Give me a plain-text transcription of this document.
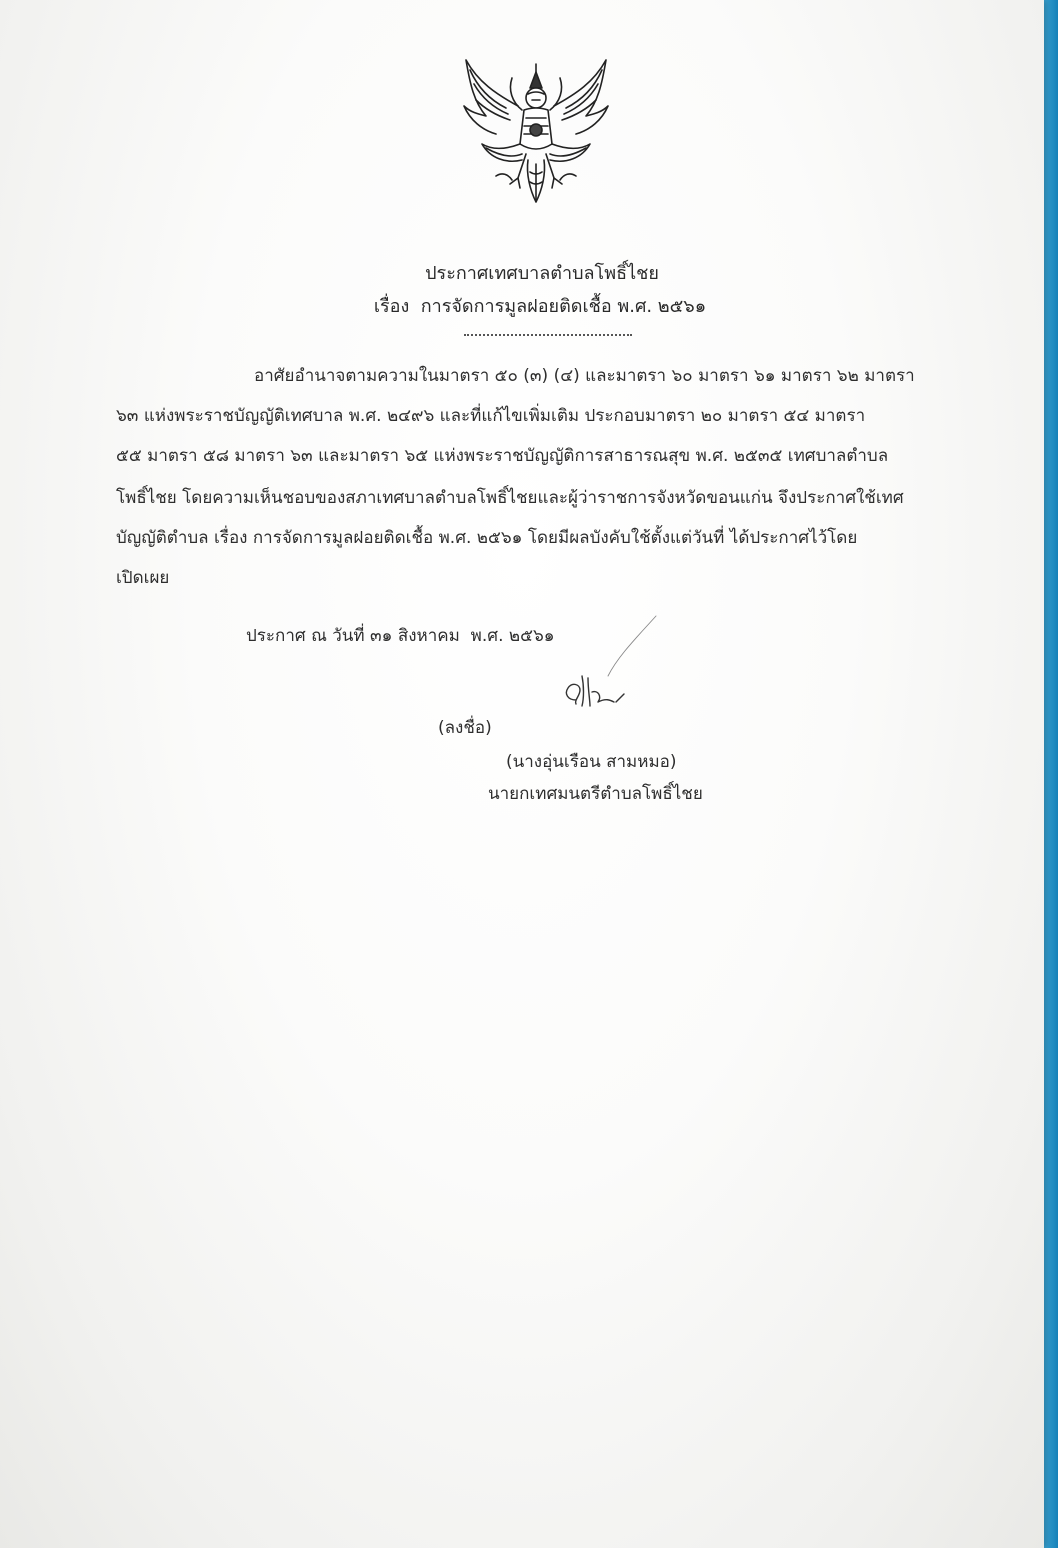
ประกาศเทศบาลตำบลโพธิ์ไชย
เรื่อง  การจัดการมูลฝอยติดเชื้อ พ.ศ. ๒๕๖๑
อาศัยอำนาจตามความในมาตรา ๕๐ (๓) (๔) และมาตรา ๖๐ มาตรา ๖๑ มาตรา ๖๒ มาตรา
๖๓ แห่งพระราชบัญญัติเทศบาล พ.ศ. ๒๔๙๖ และที่แก้ไขเพิ่มเติม ประกอบมาตรา ๒๐ มาตรา ๕๔ มาตรา
๕๕ มาตรา ๕๘ มาตรา ๖๓ และมาตรา ๖๕ แห่งพระราชบัญญัติการสาธารณสุข พ.ศ. ๒๕๓๕ เทศบาลตำบล
โพธิ์ไชย โดยความเห็นชอบของสภาเทศบาลตำบลโพธิ์ไชยและผู้ว่าราชการจังหวัดขอนแก่น จึงประกาศใช้เทศ
บัญญัติตำบล เรื่อง การจัดการมูลฝอยติดเชื้อ พ.ศ. ๒๕๖๑ โดยมีผลบังคับใช้ตั้งแต่วันที่ ได้ประกาศไว้โดย
เปิดเผย
ประกาศ ณ วันที่ ๓๑ สิงหาคม  พ.ศ. ๒๕๖๑
(ลงชื่อ)
(นางอุ่นเรือน สามหมอ)
นายกเทศมนตรีตำบลโพธิ์ไชย
